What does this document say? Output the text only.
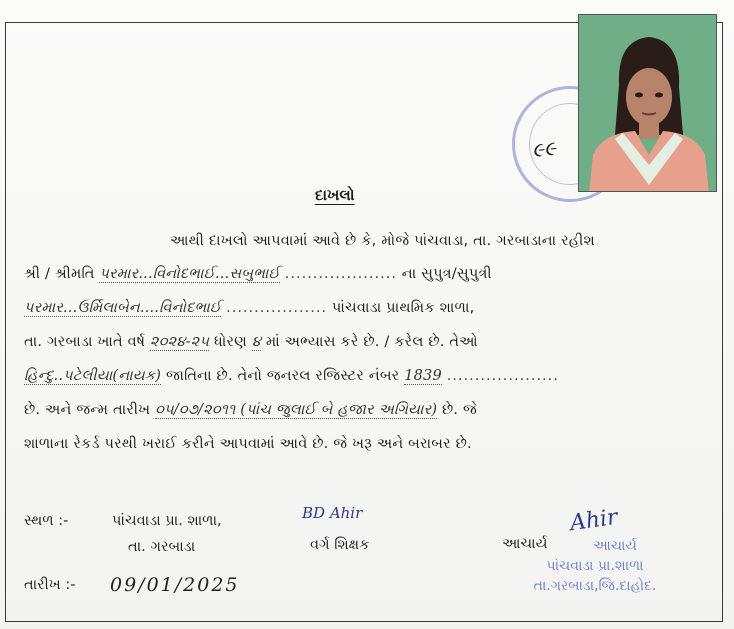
૯૯
દાખલો
આથી દાખલો આપવામાં આવે છે કે, મોજે પાંચવાડા, તા. ગરબાડાના રહીશ
શ્રી / શ્રીમતિ પરમાર...વિનોદભાઈ...સબુભાઈ .................... ના સુપુત્ર/સુપુત્રી
પરમાર...ઉર્મિલાબેન....વિનોદભાઈ .................. પાંચવાડા પ્રાથમિક શાળા,
તા. ગરબાડા ખાતે વર્ષ ૨૦૨૪-૨૫ ધોરણ ૪ માં અભ્યાસ કરે છે. / કરેલ છે. તેઓ
હિન્દુ..પટેલીયા(નાયક) જાતિના છે. તેનો જનરલ રજિસ્ટર નંબર 1839 ....................
છે. અને જન્મ તારીખ ૦૫/૦૭/૨૦૧૧ (પાંચ જુલાઈ બે હજાર અગિયાર) છે. જે
શાળાના રેકર્ડ પરથી ખરાઈ કરીને આપવામાં આવે છે. જે ખરૂ અને બરાબર છે.
સ્થળ :-	પાંચવાડા પ્રા. શાળા,
તા. ગરબાડા
BD Ahir
વર્ગ શિક્ષક	આચાર્ય
Ahir
આચાર્ય
પાંચવાડા પ્રા.શાળા
તા.ગરબાડા,જિ.દાહોદ.
તારીખ :- 09/01/2025
